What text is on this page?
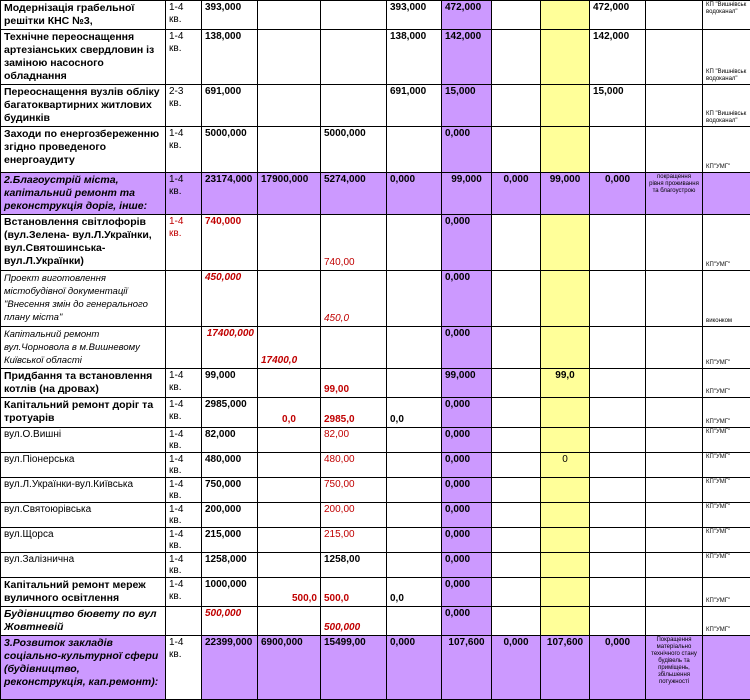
Модернізація грабельної решітки КНС №3,	1-4 кв.	393,000			393,000	472,000			472,000		КП "Вишнівськ водоканал"
Технічне переоснащення артезіанських свердловин із заміною насосного обладнання	1-4 кв.	138,000			138,000	142,000			142,000		КП "Вишнівськ водоканал"
Переоснащення вузлів обліку багатоквартирних житлових будинків	2-3 кв.	691,000			691,000	15,000			15,000		КП "Вишнівськ водоканал"
Заходи по енергозбереженню згідно проведеного енергоаудиту	1-4 кв.	5000,000		5000,000		0,000					КП"УМГ"
2.Благоустрій міста, капітальний ремонт та реконструкція доріг, інше:	1-4 кв.	23174,000	17900,000	5274,000	0,000	99,000	0,000	99,000	0,000	покращення рівня проживання та благоустрою	
Встановлення світлофорів (вул.Зелена- вул.Л.Українки, вул.Святошинська-вул.Л.Українки)	1-4 кв.	740,000		740,00		0,000					КП"УМГ"
Проект виготовлення містобудівної документації "Внесення змін до генерального плану міста"		450,000		450,0		0,000					виконком
Капітальний ремонт вул.Чорновола в м.Вишневому Київської області		17400,000	17400,0			0,000					КП"УМГ"
Придбання та встановлення котлів (на дровах)	1-4 кв.	99,000		99,00		99,000		99,0			КП"УМГ"
Капітальний ремонт доріг та тротуарів	1-4 кв.	2985,000	0,0	2985,0	0,0	0,000					КП"УМГ"
вул.О.Вишні	1-4 кв.	82,000		82,00		0,000					КП"УМГ"
вул.Піонерська	1-4 кв.	480,000		480,00		0,000		0			КП"УМГ"
вул.Л.Українки-вул.Київська	1-4 кв.	750,000		750,00		0,000					КП"УМГ"
вул.Святоюрівська	1-4 кв.	200,000		200,00		0,000					КП"УМГ"
вул.Щорса	1-4 кв.	215,000		215,00		0,000					КП"УМГ"
вул.Залізнична	1-4 кв.	1258,000		1258,00		0,000					КП"УМГ"
Капітальний ремонт мереж вуличного освітлення	1-4 кв.	1000,000	500,0	500,0	0,0	0,000					КП"УМГ"
Будівництво бювету по вул Жовтневій		500,000		500,000		0,000					КП"УМГ"
3.Розвиток закладів соціально-культурної сфери (будівництво, реконструкція, кап.ремонт):	1-4 кв.	22399,000	6900,000	15499,00	0,000	107,600	0,000	107,600	0,000	Покращення матеріально технічного стану будівель та приміщень, збільшення потужності	
